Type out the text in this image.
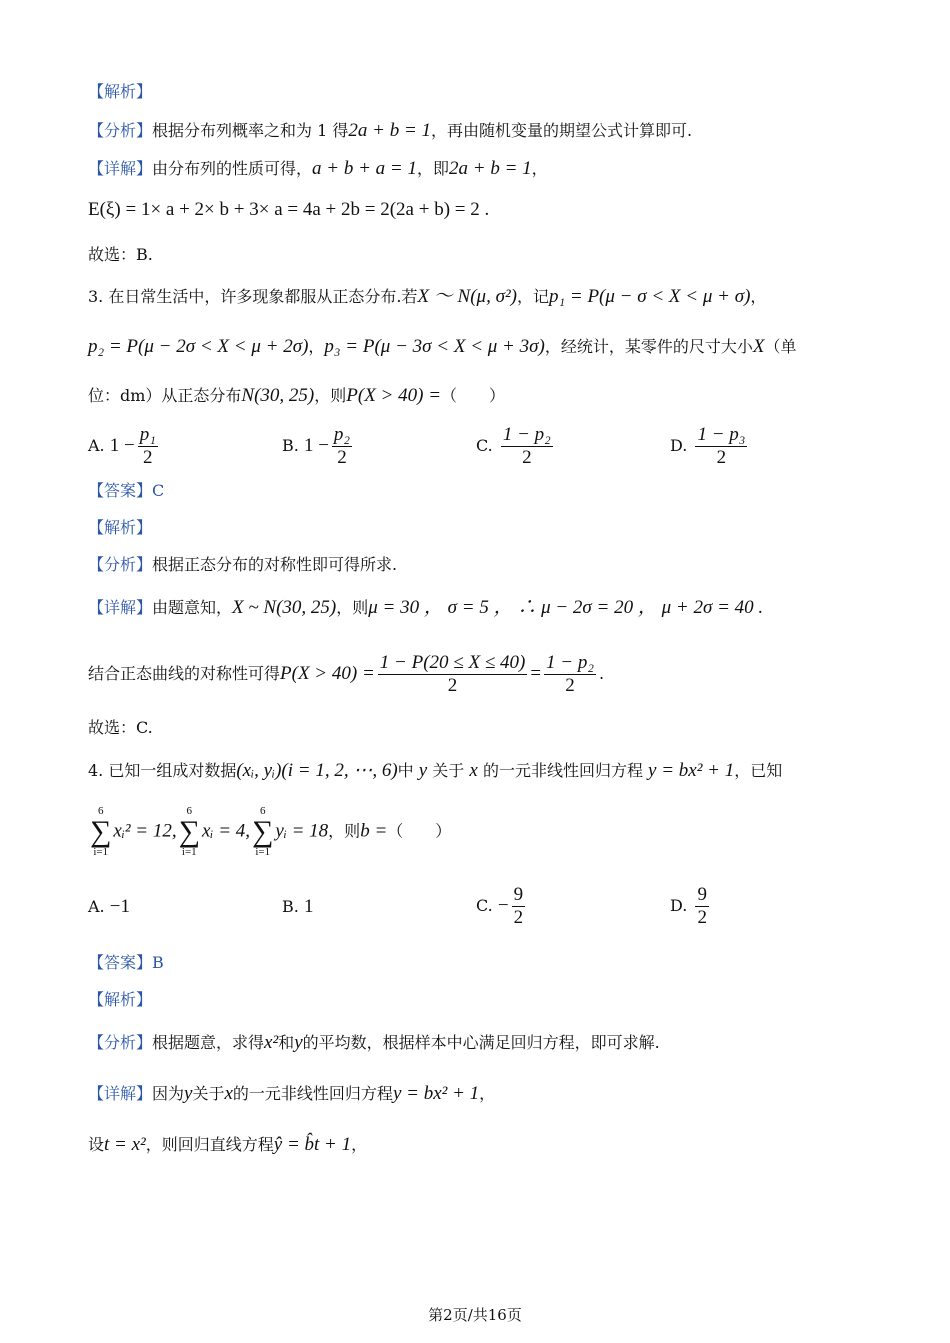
【解析】
【分析】根据分布列概率之和为 1 得2a + b = 1，再由随机变量的期望公式计算即可.
【详解】由分布列的性质可得，a + b + a = 1，即2a + b = 1，
E(ξ) = 1× a + 2× b + 3× a = 4a + 2b = 2(2a + b) = 2 .
故选：B.
3. 在日常生活中，许多现象都服从正态分布.若X ～ N(μ, σ²)，记p₁ = P(μ − σ < X < μ + σ)，
p₂ = P(μ − 2σ < X < μ + 2σ)，p₃ = P(μ − 3σ < X < μ + 3σ)，经统计，某零件的尺寸大小X（单
位：dm）从正态分布N(30, 25)，则P(X > 40) =（　　）
A. $1 - \frac{\text{p₁}}{2}$	B. $1 - \frac{\text{p₂}}{2}$	C. $\frac{\text{1 − p₂}}{2}$	D. $\frac{\text{1 − p₃}}{2}$
【答案】C
【解析】
【分析】根据正态分布的对称性即可得所求.
【详解】由题意知，X ~ N(30, 25)，则μ = 30 ， σ = 5 ， ∴ μ − 2σ = 20 ， μ + 2σ = 40 .
结合正态曲线的对称性可得$P(X > 40) = \frac{1 - P(20 \le X \le 40)}{2} = \frac{\text{1 − p₂}}{2}$ .
故选：C.
4. 已知一组成对数据(xᵢ, yᵢ)(i = 1, 2, ⋯, 6)中 y 关于 x 的一元非线性回归方程 y = bx² + 1，已知
6
∑
i=1
xᵢ² = 12,
6
∑
i=1
xᵢ = 4,
6
∑
i=1
yᵢ = 18，则b =（　　）
A. −1	B. 1	C. − $\frac{9}{2}$	D. $\frac{9}{2}$
【答案】B
【解析】
【分析】根据题意，求得x²和y的平均数，根据样本中心满足回归方程，即可求解.
【详解】因为y关于x的一元非线性回归方程y = bx² + 1，
设t = x²，则回归直线方程ŷ = b̂t + 1，
第2页/共16页
